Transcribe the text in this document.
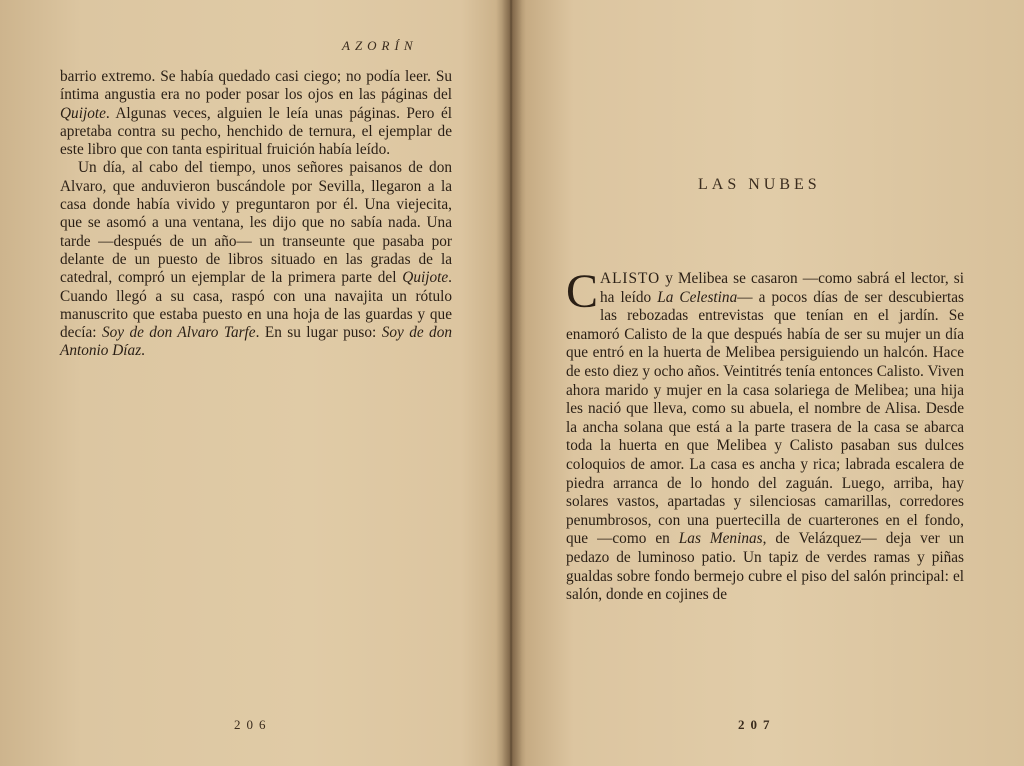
AZORÍN

barrio extremo. Se había quedado casi ciego; no podía leer. Su íntima angustia era no poder posar los ojos en las páginas del Quijote. Algunas veces, alguien le leía unas páginas. Pero él apretaba contra su pecho, henchido de ternura, el ejemplar de este libro que con tanta espiritual fruición había leído.

Un día, al cabo del tiempo, unos señores paisanos de don Alvaro, que anduvieron buscándole por Sevilla, llegaron a la casa donde había vivido y preguntaron por él. Una viejecita, que se asomó a una ventana, les dijo que no sabía nada. Una tarde —después de un año— un transeunte que pasaba por delante de un puesto de libros situado en las gradas de la catedral, compró un ejemplar de la primera parte del Quijote. Cuando llegó a su casa, raspó con una navajita un rótulo manuscrito que estaba puesto en una hoja de las guardas y que decía: Soy de don Alvaro Tarfe. En su lugar puso: Soy de don Antonio Díaz.

206
LAS NUBES

CALISTO y Melibea se casaron —como sabrá el lector, si ha leído La Celestina— a pocos días de ser descubiertas las rebozadas entrevistas que tenían en el jardín. Se enamoró Calisto de la que después había de ser su mujer un día que entró en la huerta de Melibea persiguiendo un halcón. Hace de esto diez y ocho años. Veintitrés tenía entonces Calisto. Viven ahora marido y mujer en la casa solariega de Melibea; una hija les nació que lleva, como su abuela, el nombre de Alisa. Desde la ancha solana que está a la parte trasera de la casa se abarca toda la huerta en que Melibea y Calisto pasaban sus dulces coloquios de amor. La casa es ancha y rica; labrada escalera de piedra arranca de lo hondo del zaguán. Luego, arriba, hay solares vastos, apartadas y silenciosas camarillas, corredores penumbrosos, con una puertecilla de cuarterones en el fondo, que —como en Las Meninas, de Velázquez— deja ver un pedazo de luminoso patio. Un tapiz de verdes ramas y piñas gualdas sobre fondo bermejo cubre el piso del salón principal: el salón, donde en cojines de

207
